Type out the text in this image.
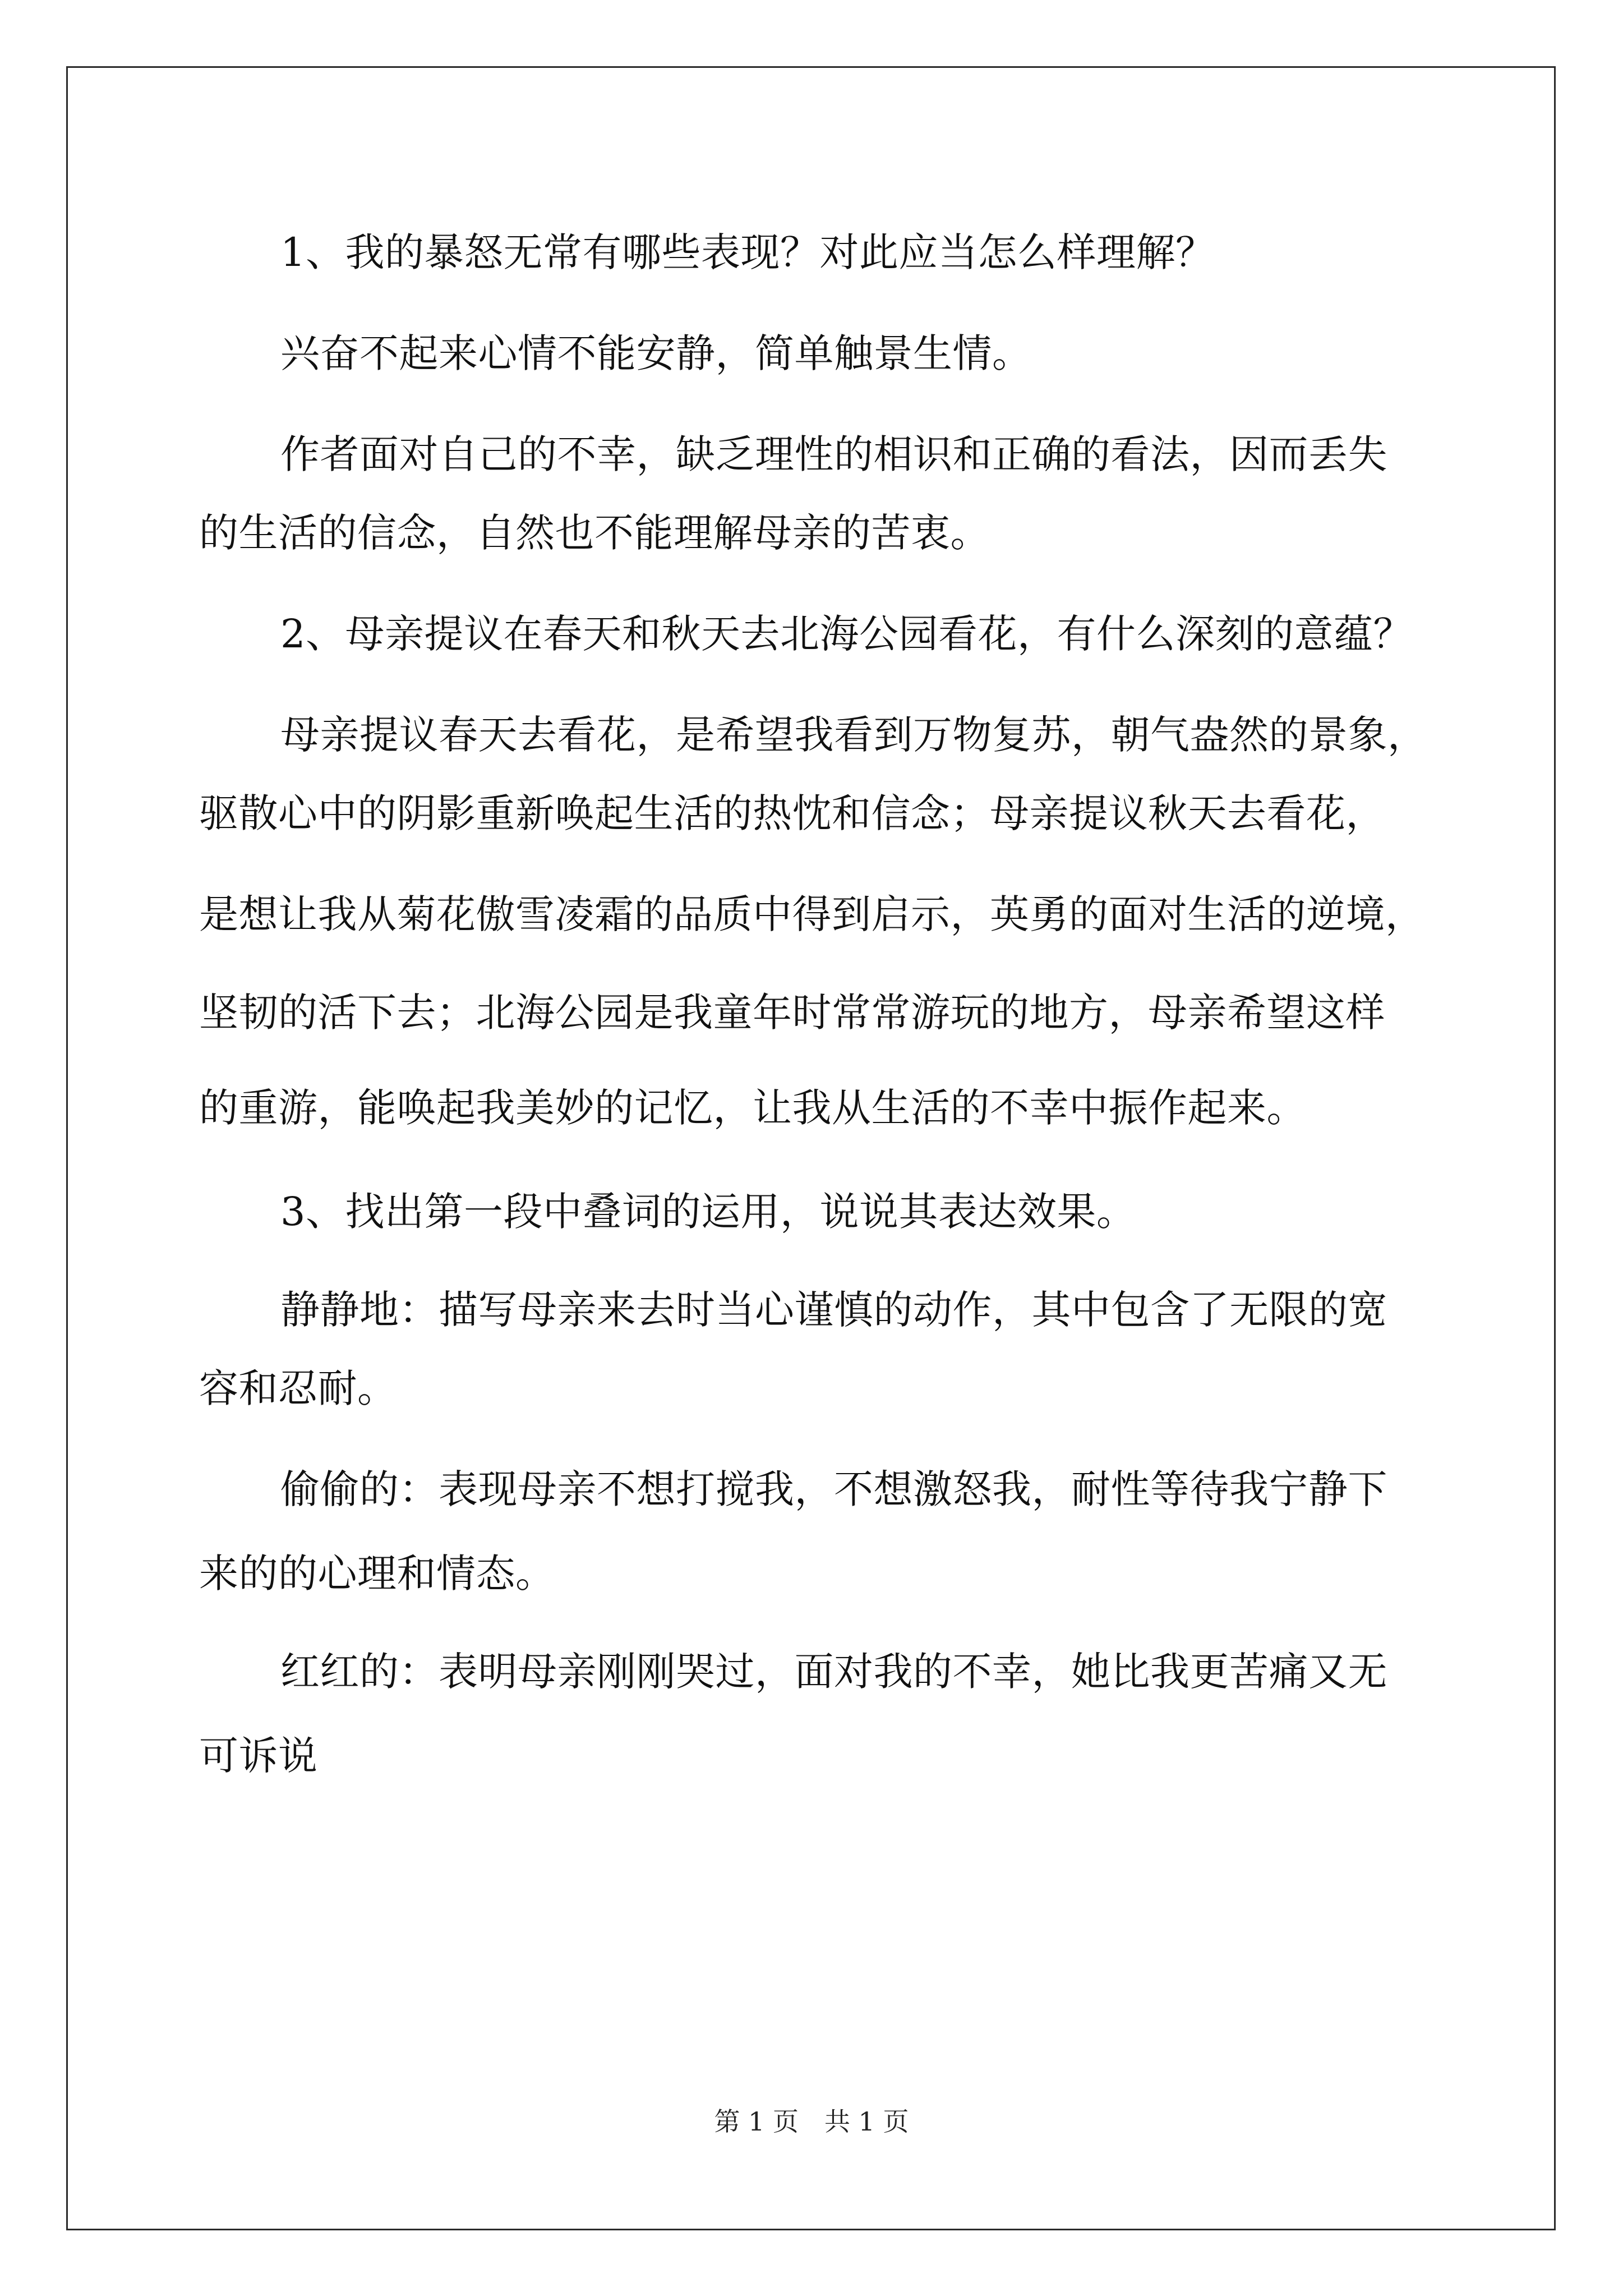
1、我的暴怒无常有哪些表现？对此应当怎么样理解？
兴奋不起来心情不能安静，简单触景生情。
作者面对自己的不幸，缺乏理性的相识和正确的看法，因而丢失
的生活的信念，自然也不能理解母亲的苦衷。
2、母亲提议在春天和秋天去北海公园看花，有什么深刻的意蕴？
母亲提议春天去看花，是希望我看到万物复苏，朝气盎然的景象，
驱散心中的阴影重新唤起生活的热忱和信念；母亲提议秋天去看花，
是想让我从菊花傲雪凌霜的品质中得到启示，英勇的面对生活的逆境，
坚韧的活下去；北海公园是我童年时常常游玩的地方，母亲希望这样
的重游，能唤起我美妙的记忆，让我从生活的不幸中振作起来。
3、找出第一段中叠词的运用，说说其表达效果。
静静地：描写母亲来去时当心谨慎的动作，其中包含了无限的宽
容和忍耐。
偷偷的：表现母亲不想打搅我，不想激怒我，耐性等待我宁静下
来的的心理和情态。
红红的：表明母亲刚刚哭过，面对我的不幸，她比我更苦痛又无
可诉说
第 1 页　共 1 页
